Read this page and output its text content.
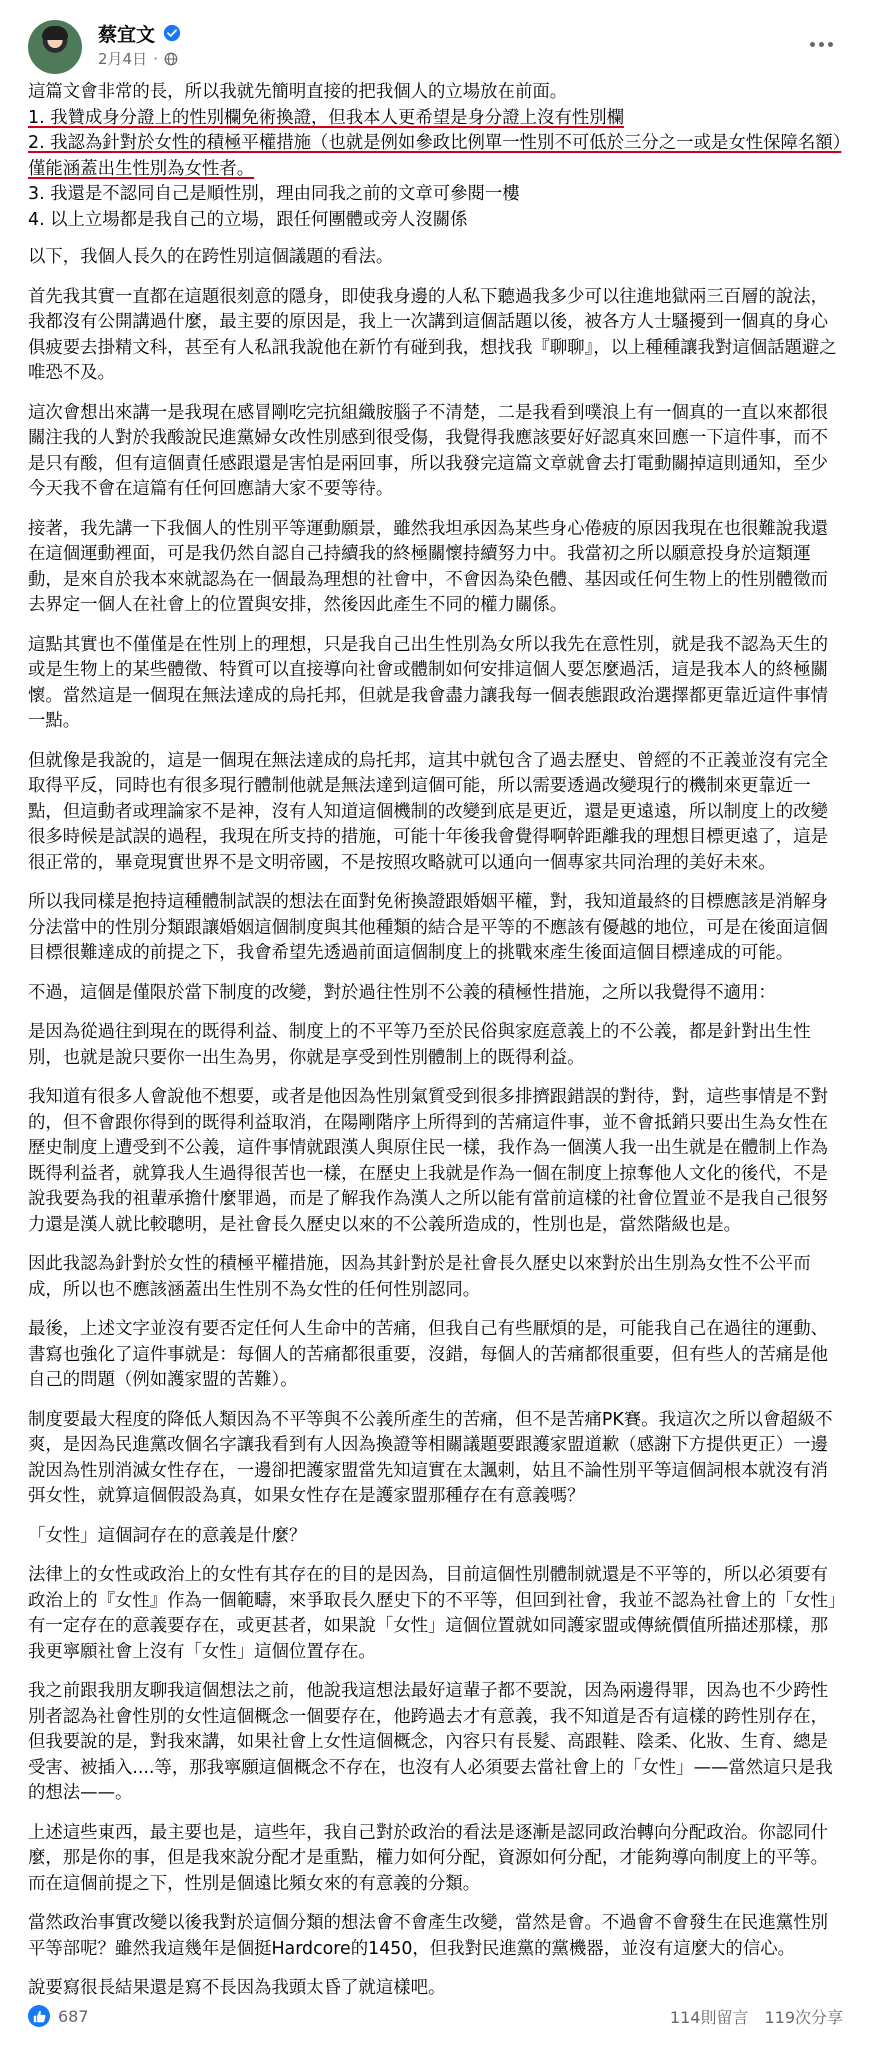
蔡宜文
2月4日 ·

這篇文會非常的長，所以我就先簡明直接的把我個人的立場放在前面。

1. 我贊成身分證上的性別欄免術換證，但我本人更希望是身分證上沒有性別欄
2. 我認為針對於女性的積極平權措施（也就是例如參政比例單一性別不可低於三分之一或是女性保障名額）僅能涵蓋出生性別為女性者。
3. 我還是不認同自己是順性別，理由同我之前的文章可參閱一樓
4. 以上立場都是我自己的立場，跟任何團體或旁人沒關係

以下，我個人長久的在跨性別這個議題的看法。

首先我其實一直都在這題很刻意的隱身，即使我身邊的人私下聽過我多少可以往進地獄兩三百層的說法，我都沒有公開講過什麼，最主要的原因是，我上一次講到這個話題以後，被各方人士騷擾到一個真的身心俱疲要去掛精文科，甚至有人私訊我說他在新竹有碰到我，想找我『聊聊』，以上種種讓我對這個話題避之唯恐不及。

這次會想出來講一是我現在感冒剛吃完抗組織胺腦子不清楚，二是我看到噗浪上有一個真的一直以來都很關注我的人對於我酸說民進黨婦女改性別感到很受傷，我覺得我應該要好好認真來回應一下這件事，而不是只有酸，但有這個責任感跟還是害怕是兩回事，所以我發完這篇文章就會去打電動關掉這則通知，至少今天我不會在這篇有任何回應請大家不要等待。

接著，我先講一下我個人的性別平等運動願景，雖然我坦承因為某些身心倦疲的原因我現在也很難說我還在這個運動裡面，可是我仍然自認自己持續我的終極關懷持續努力中。我當初之所以願意投身於這類運動，是來自於我本來就認為在一個最為理想的社會中，不會因為染色體、基因或任何生物上的性別體徵而去界定一個人在社會上的位置與安排，然後因此產生不同的權力關係。

這點其實也不僅僅是在性別上的理想，只是我自己出生性別為女所以我先在意性別，就是我不認為天生的或是生物上的某些體徵、特質可以直接導向社會或體制如何安排這個人要怎麼過活，這是我本人的終極關懷。當然這是一個現在無法達成的烏托邦，但就是我會盡力讓我每一個表態跟政治選擇都更靠近這件事情一點。

但就像是我說的，這是一個現在無法達成的烏托邦，這其中就包含了過去歷史、曾經的不正義並沒有完全取得平反，同時也有很多現行體制他就是無法達到這個可能，所以需要透過改變現行的機制來更靠近一點，但這動者或理論家不是神，沒有人知道這個機制的改變到底是更近，還是更遠遠，所以制度上的改變很多時候是試誤的過程，我現在所支持的措施，可能十年後我會覺得啊幹距離我的理想目標更遠了，這是很正常的，畢竟現實世界不是文明帝國，不是按照攻略就可以通向一個專家共同治理的美好未來。

所以我同樣是抱持這種體制試誤的想法在面對免術換證跟婚姻平權，對，我知道最終的目標應該是消解身分法當中的性別分類跟讓婚姻這個制度與其他種類的結合是平等的不應該有優越的地位，可是在後面這個目標很難達成的前提之下，我會希望先透過前面這個制度上的挑戰來產生後面這個目標達成的可能。

不過，這個是僅限於當下制度的改變，對於過往性別不公義的積極性措施，之所以我覺得不適用：

是因為從過往到現在的既得利益、制度上的不平等乃至於民俗與家庭意義上的不公義，都是針對出生性別，也就是說只要你一出生為男，你就是享受到性別體制上的既得利益。

我知道有很多人會說他不想要，或者是他因為性別氣質受到很多排擠跟錯誤的對待，對，這些事情是不對的，但不會跟你得到的既得利益取消，在陽剛階序上所得到的苦痛這件事，並不會抵銷只要出生為女性在歷史制度上遭受到不公義，這件事情就跟漢人與原住民一樣，我作為一個漢人我一出生就是在體制上作為既得利益者，就算我人生過得很苦也一樣，在歷史上我就是作為一個在制度上掠奪他人文化的後代，不是說我要為我的祖輩承擔什麼罪過，而是了解我作為漢人之所以能有當前這樣的社會位置並不是我自己很努力還是漢人就比較聰明，是社會長久歷史以來的不公義所造成的，性別也是，當然階級也是。

因此我認為針對於女性的積極平權措施，因為其針對於是社會長久歷史以來對於出生別為女性不公平而成，所以也不應該涵蓋出生性別不為女性的任何性別認同。

最後，上述文字並沒有要否定任何人生命中的苦痛，但我自己有些厭煩的是，可能我自己在過往的運動、書寫也強化了這件事就是：每個人的苦痛都很重要，沒錯，每個人的苦痛都很重要，但有些人的苦痛是他自己的問題（例如護家盟的苦難）。

制度要最大程度的降低人類因為不平等與不公義所產生的苦痛，但不是苦痛PK賽。我這次之所以會超級不爽，是因為民進黨改個名字讓我看到有人因為換證等相關議題要跟護家盟道歉（感謝下方提供更正）一邊說因為性別消滅女性存在，一邊卻把護家盟當先知這實在太諷刺，姑且不論性別平等這個詞根本就沒有消弭女性，就算這個假設為真，如果女性存在是護家盟那種存在有意義嗎？

「女性」這個詞存在的意義是什麼？

法律上的女性或政治上的女性有其存在的目的是因為，目前這個性別體制就還是不平等的，所以必須要有政治上的『女性』作為一個範疇，來爭取長久歷史下的不平等，但回到社會，我並不認為社會上的「女性」有一定存在的意義要存在，或更甚者，如果說「女性」這個位置就如同護家盟或傳統價值所描述那樣，那我更寧願社會上沒有「女性」這個位置存在。

我之前跟我朋友聊我這個想法之前，他說我這想法最好這輩子都不要說，因為兩邊得罪，因為也不少跨性別者認為社會性別的女性這個概念一個要存在，他跨過去才有意義，我不知道是否有這樣的跨性別存在，但我要說的是，對我來講，如果社會上女性這個概念，內容只有長髮、高跟鞋、陰柔、化妝、生育、總是受害、被插入....等，那我寧願這個概念不存在，也沒有人必須要去當社會上的「女性」——當然這只是我的想法——。

上述這些東西，最主要也是，這些年，我自己對於政治的看法是逐漸是認同政治轉向分配政治。你認同什麼，那是你的事，但是我來說分配才是重點，權力如何分配，資源如何分配，才能夠導向制度上的平等。而在這個前提之下，性別是個遠比頻女來的有意義的分類。

當然政治事實改變以後我對於這個分類的想法會不會產生改變，當然是會。不過會不會發生在民進黨性別平等部呢？雖然我這幾年是個挺Hardcore的1450，但我對民進黨的黨機器，並沒有這麼大的信心。

說要寫很長結果還是寫不長因為我頭太昏了就這樣吧。

687	114則留言 119次分享
